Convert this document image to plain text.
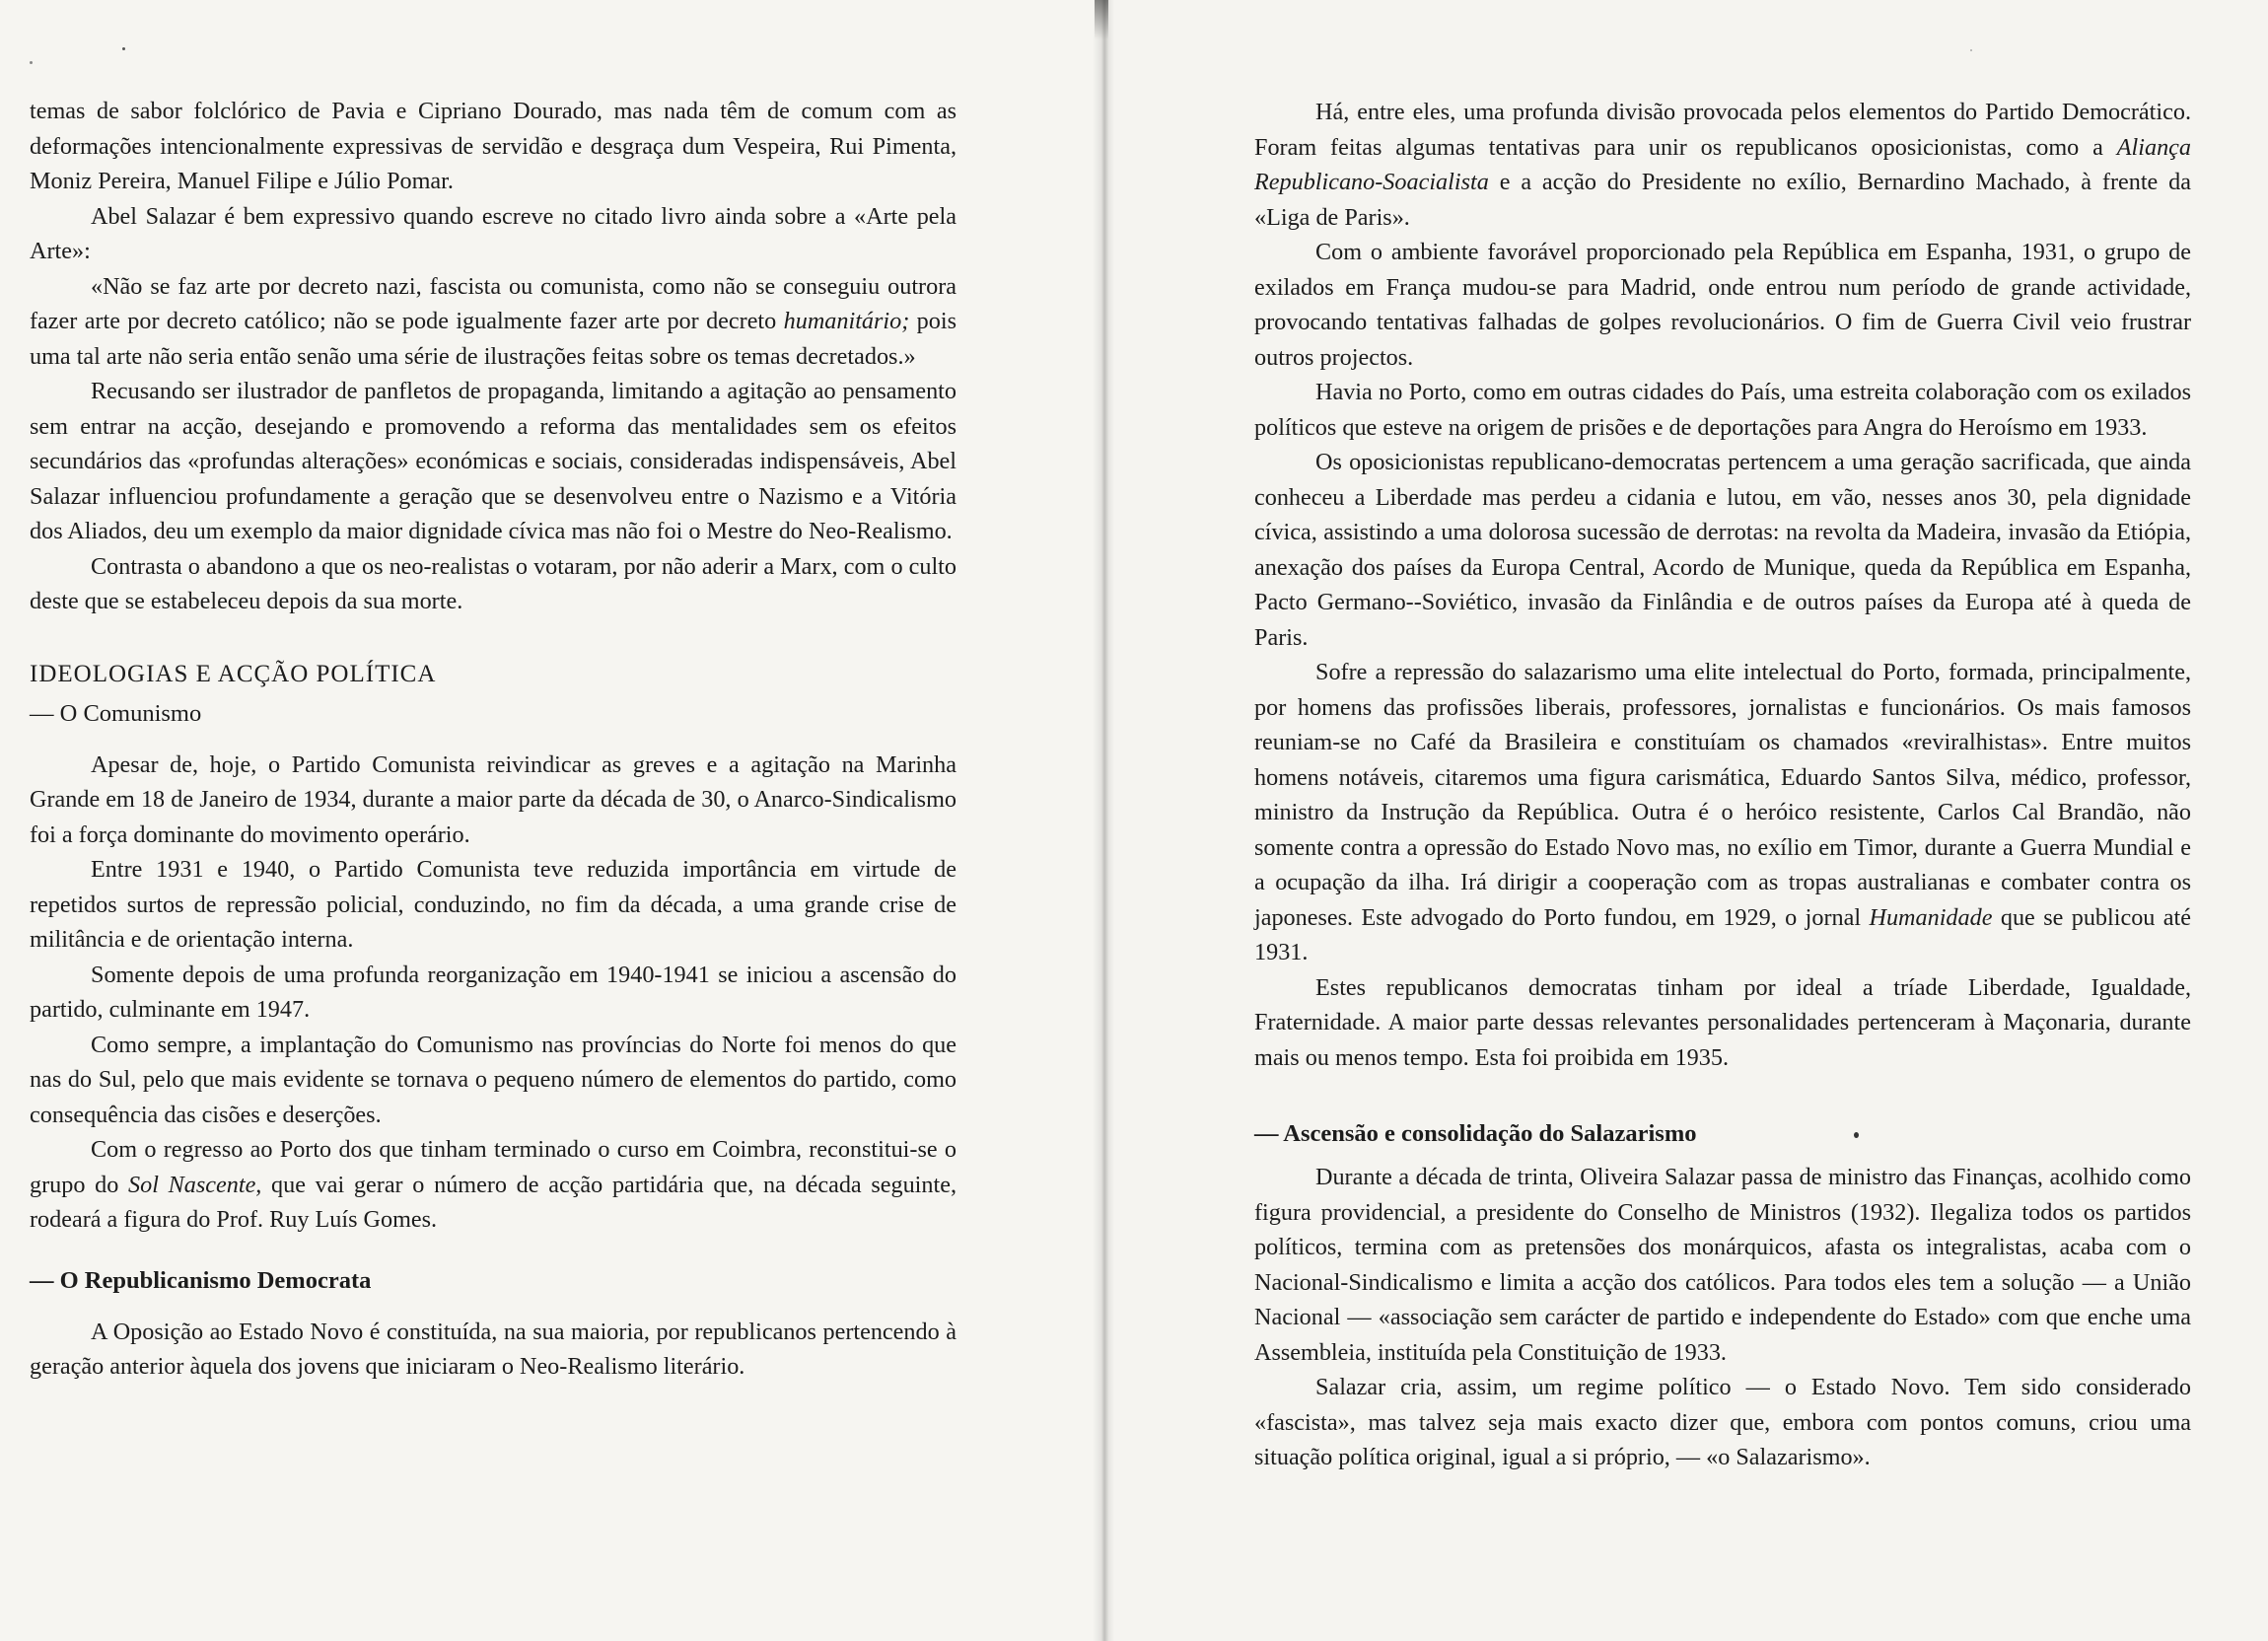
temas de sabor folclórico de Pavia e Cipriano Dourado, mas nada têm de comum com as deformações intencionalmente expressivas de servidão e desgraça dum Vespeira, Rui Pimenta, Moniz Pereira, Manuel Filipe e Júlio Pomar.

Abel Salazar é bem expressivo quando escreve no citado livro ainda sobre a «Arte pela Arte»:

«Não se faz arte por decreto nazi, fascista ou comunista, como não se conseguiu outrora fazer arte por decreto católico; não se pode igualmente fazer arte por decreto humanitário; pois uma tal arte não seria então senão uma série de ilustrações feitas sobre os temas decretados.»

Recusando ser ilustrador de panfletos de propaganda, limitando a agitação ao pensamento sem entrar na acção, desejando e promovendo a reforma das mentalidades sem os efeitos secundários das «profundas alterações» económicas e sociais, consideradas indispensáveis, Abel Salazar influenciou profundamente a geração que se desenvolveu entre o Nazismo e a Vitória dos Aliados, deu um exemplo da maior dignidade cívica mas não foi o Mestre do Neo-Realismo.

Contrasta o abandono a que os neo-realistas o votaram, por não aderir a Marx, com o culto deste que se estabeleceu depois da sua morte.

IDEOLOGIAS E ACÇÃO POLÍTICA
— O Comunismo

Apesar de, hoje, o Partido Comunista reivindicar as greves e a agitação na Marinha Grande em 18 de Janeiro de 1934, durante a maior parte da década de 30, o Anarco-Sindicalismo foi a força dominante do movimento operário.

Entre 1931 e 1940, o Partido Comunista teve reduzida importância em virtude de repetidos surtos de repressão policial, conduzindo, no fim da década, a uma grande crise de militância e de orientação interna.

Somente depois de uma profunda reorganização em 1940-1941 se iniciou a ascensão do partido, culminante em 1947.

Como sempre, a implantação do Comunismo nas províncias do Norte foi menos do que nas do Sul, pelo que mais evidente se tornava o pequeno número de elementos do partido, como consequência das cisões e deserções.

Com o regresso ao Porto dos que tinham terminado o curso em Coimbra, reconstitui-se o grupo do Sol Nascente, que vai gerar o número de acção partidária que, na década seguinte, rodeará a figura do Prof. Ruy Luís Gomes.

— O Republicanismo Democrata

A Oposição ao Estado Novo é constituída, na sua maioria, por republicanos pertencendo à geração anterior àquela dos jovens que iniciaram o Neo-Realismo literário.

Há, entre eles, uma profunda divisão provocada pelos elementos do Partido Democrático. Foram feitas algumas tentativas para unir os republicanos oposicionistas, como a Aliança Republicano-Soacialista e a acção do Presidente no exílio, Bernardino Machado, à frente da «Liga de Paris».

Com o ambiente favorável proporcionado pela República em Espanha, 1931, o grupo de exilados em França mudou-se para Madrid, onde entrou num período de grande actividade, provocando tentativas falhadas de golpes revolucionários. O fim de Guerra Civil veio frustrar outros projectos.

Havia no Porto, como em outras cidades do País, uma estreita colaboração com os exilados políticos que esteve na origem de prisões e de deportações para Angra do Heroísmo em 1933.

Os oposicionistas republicano-democratas pertencem a uma geração sacrificada, que ainda conheceu a Liberdade mas perdeu a cidania e lutou, em vão, nesses anos 30, pela dignidade cívica, assistindo a uma dolorosa sucessão de derrotas: na revolta da Madeira, invasão da Etiópia, anexação dos países da Europa Central, Acordo de Munique, queda da República em Espanha, Pacto Germano--Soviético, invasão da Finlândia e de outros países da Europa até à queda de Paris.

Sofre a repressão do salazarismo uma elite intelectual do Porto, formada, principalmente, por homens das profissões liberais, professores, jornalistas e funcionários. Os mais famosos reuniam-se no Café da Brasileira e constituíam os chamados «reviralhistas». Entre muitos homens notáveis, citaremos uma figura carismática, Eduardo Santos Silva, médico, professor, ministro da Instrução da República. Outra é o heróico resistente, Carlos Cal Brandão, não somente contra a opressão do Estado Novo mas, no exílio em Timor, durante a Guerra Mundial e a ocupação da ilha. Irá dirigir a cooperação com as tropas australianas e combater contra os japoneses. Este advogado do Porto fundou, em 1929, o jornal Humanidade que se publicou até 1931.

Estes republicanos democratas tinham por ideal a tríade Liberdade, Igualdade, Fraternidade. A maior parte dessas relevantes personalidades pertenceram à Maçonaria, durante mais ou menos tempo. Esta foi proibida em 1935.

— Ascensão e consolidação do Salazarismo

Durante a década de trinta, Oliveira Salazar passa de ministro das Finanças, acolhido como figura providencial, a presidente do Conselho de Ministros (1932). Ilegaliza todos os partidos políticos, termina com as pretensões dos monárquicos, afasta os integralistas, acaba com o Nacional-Sindicalismo e limita a acção dos católicos. Para todos eles tem a solução — a União Nacional — «associação sem carácter de partido e independente do Estado» com que enche uma Assembleia, instituída pela Constituição de 1933.

Salazar cria, assim, um regime político — o Estado Novo. Tem sido considerado «fascista», mas talvez seja mais exacto dizer que, embora com pontos comuns, criou uma situação política original, igual a si próprio, — «o Salazarismo».
